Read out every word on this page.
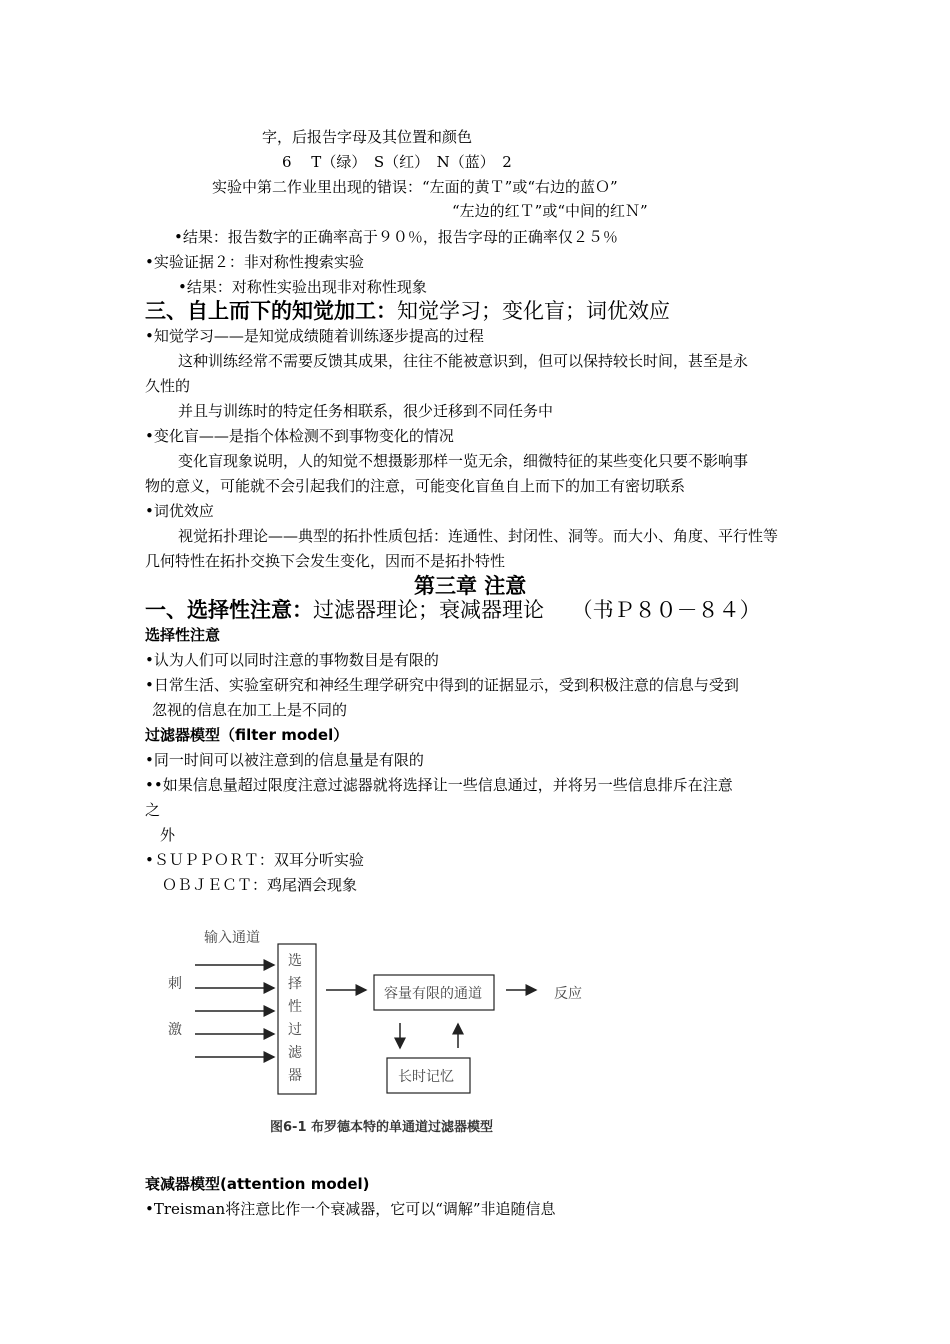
字，后报告字母及其位置和颜色
6　 T（绿）　S（红）　N（蓝）　2
实验中第二作业里出现的错误：“左面的黄Ｔ”或“右边的蓝Ｏ”
“左边的红Ｔ”或“中间的红Ｎ”
•结果：报告数字的正确率高于９０％，报告字母的正确率仅２５％
•实验证据２：非对称性搜索实验
•结果：对称性实验出现非对称性现象
三、自上而下的知觉加工：知觉学习；变化盲；词优效应
•知觉学习——是知觉成绩随着训练逐步提高的过程
这种训练经常不需要反馈其成果，往往不能被意识到，但可以保持较长时间，甚至是永
久性的
并且与训练时的特定任务相联系，很少迁移到不同任务中
•变化盲——是指个体检测不到事物变化的情况
变化盲现象说明，人的知觉不想摄影那样一览无余，细微特征的某些变化只要不影响事
物的意义，可能就不会引起我们的注意，可能变化盲鱼自上而下的加工有密切联系
•词优效应
视觉拓扑理论——典型的拓扑性质包括：连通性、封闭性、洞等。而大小、角度、平行性等
几何特性在拓扑交换下会发生变化，因而不是拓扑特性
第三章 注意
一、选择性注意：过滤器理论；衰减器理论　 （书Ｐ８０－８４）
选择性注意
•认为人们可以同时注意的事物数目是有限的
•日常生活、实验室研究和神经生理学研究中得到的证据显示，受到积极注意的信息与受到
忽视的信息在加工上是不同的
过滤器模型（filter model）
•同一时间可以被注意到的信息量是有限的
••如果信息量超过限度注意过滤器就将选择让一些信息通过，并将另一些信息排斥在注意
之
外
•ＳＵＰＰＯＲＴ：双耳分听实验
ＯＢＪＥＣＴ：鸡尾酒会现象
输入通道
刺
激
选
择
性
过
滤
器
容量有限的通道	反应
长时记忆
图6-1 布罗德本特的单通道过滤器模型
衰减器模型(attention model)
•Treisman将注意比作一个衰减器，它可以“调解”非追随信息
